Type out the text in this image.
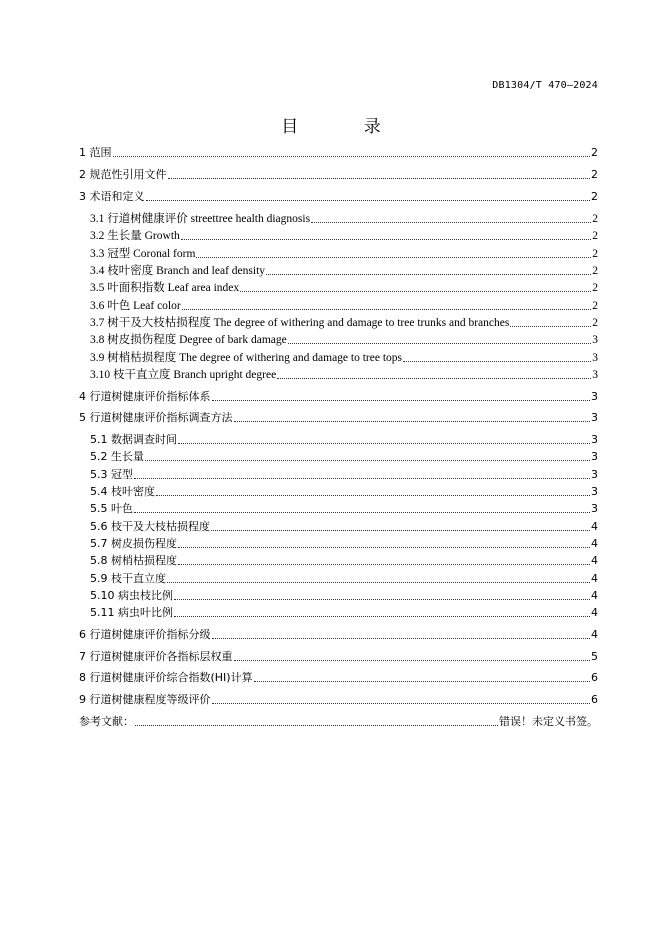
DB1304/T 470—2024
目 录
1 范围	2
2 规范性引用文件	2
3 术语和定义	2
3.1 行道树健康评价 streettree health diagnosis	2
3.2 生长量 Growth	2
3.3 冠型 Coronal form	2
3.4 枝叶密度 Branch and leaf density	2
3.5 叶面积指数 Leaf area index	2
3.6 叶色 Leaf color	2
3.7 树干及大枝枯损程度 The degree of withering and damage to tree trunks and branches	2
3.8 树皮损伤程度 Degree of bark damage	3
3.9 树梢枯损程度 The degree of withering and damage to tree tops	3
3.10 枝干直立度 Branch upright degree	3
4 行道树健康评价指标体系	3
5 行道树健康评价指标调查方法	3
5.1 数据调查时间	3
5.2 生长量	3
5.3 冠型	3
5.4 枝叶密度	3
5.5 叶色	3
5.6 枝干及大枝枯损程度	4
5.7 树皮损伤程度	4
5.8 树梢枯损程度	4
5.9 枝干直立度	4
5.10 病虫枝比例	4
5.11 病虫叶比例	4
6 行道树健康评价指标分级	4
7 行道树健康评价各指标层权重	5
8 行道树健康评价综合指数(HI)计算	6
9 行道树健康程度等级评价	6
参考文献：	错误！未定义书签。
